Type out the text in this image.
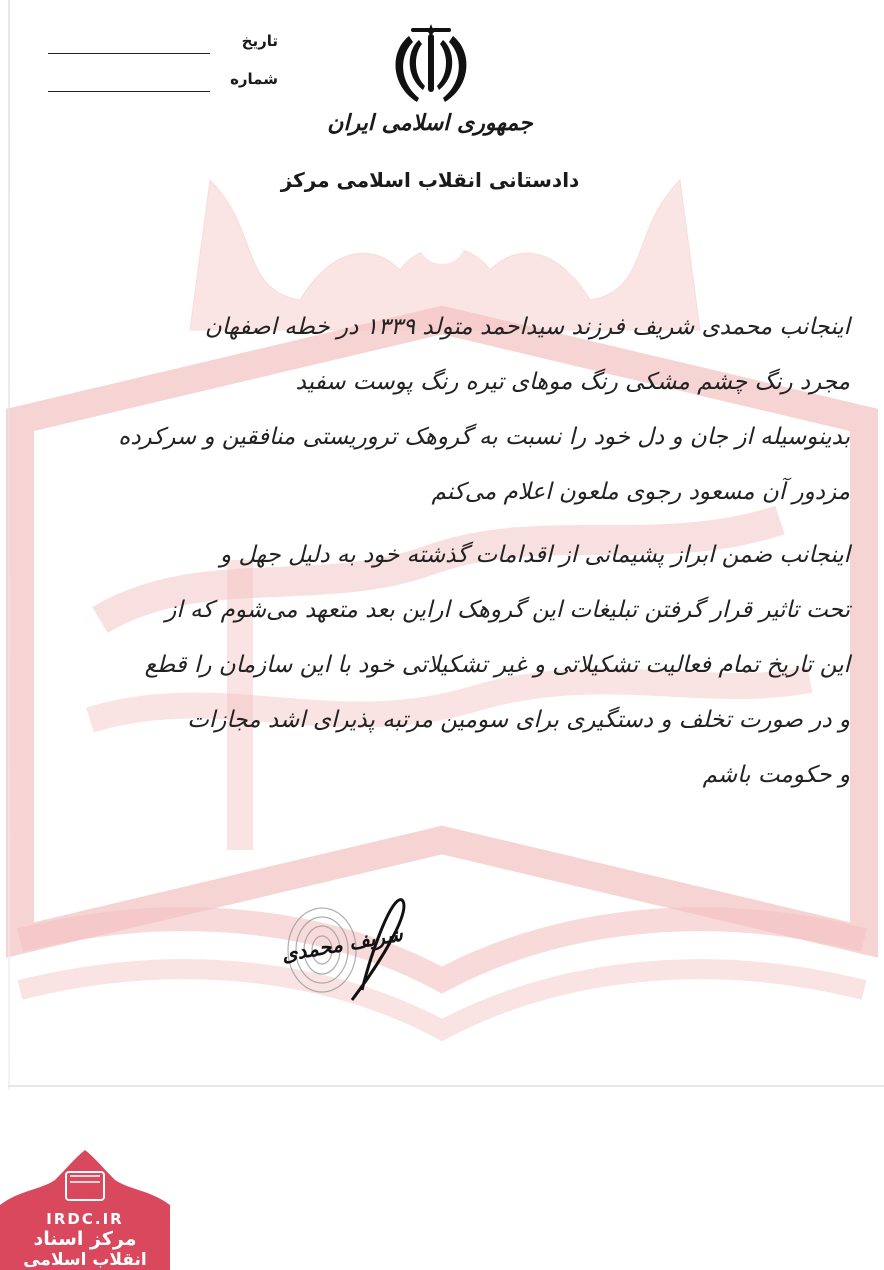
تاریخ
شماره
جمهوری اسلامی ایران
دادستانی انقلاب اسلامی مرکز
اینجانب محمدی شریف فرزند سیداحمد متولد ۱۳۳۹ در خطه اصفهان
مجرد رنگ چشم مشکی رنگ موهای تیره رنگ پوست سفید
بدینوسیله از جان و دل خود را نسبت به گروهک تروریستی منافقین و سرکرده
مزدور آن مسعود رجوی ملعون اعلام می‌کنم
اینجانب ضمن ابراز پشیمانی از اقدامات گذشته خود به دلیل جهل و
تحت تاثیر قرار گرفتن تبلیغات این گروهک اراین بعد متعهد می‌شوم که از
این تاریخ تمام فعالیت تشکیلاتی و غیر تشکیلاتی خود با این سازمان را قطع
و در صورت تخلف و دستگیری برای سومین مرتبه پذیرای اشد مجازات
و حکومت باشم
شریف محمدی
IRDC.IR
مرکز اسناد
انقلاب اسلامی
